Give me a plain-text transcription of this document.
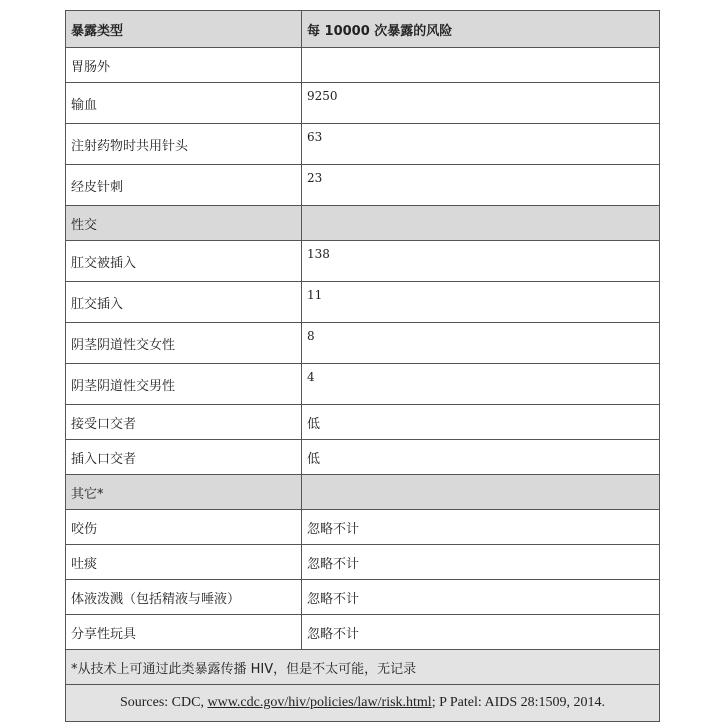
暴露类型	每 10000 次暴露的风险
胃肠外	
输血	9250
注射药物时共用针头	63
经皮针刺	23
性交	
肛交被插入	138
肛交插入	11
阴茎阴道性交女性	8
阴茎阴道性交男性	4
接受口交者	低
插入口交者	低
其它*	
咬伤	忽略不计
吐痰	忽略不计
体液泼溅（包括精液与唾液）	忽略不计
分享性玩具	忽略不计
*从技术上可通过此类暴露传播 HIV，但是不太可能，无记录	
Sources: CDC, www.cdc.gov/hiv/policies/law/risk.html; P Patel: AIDS 28:1509, 2014.	
